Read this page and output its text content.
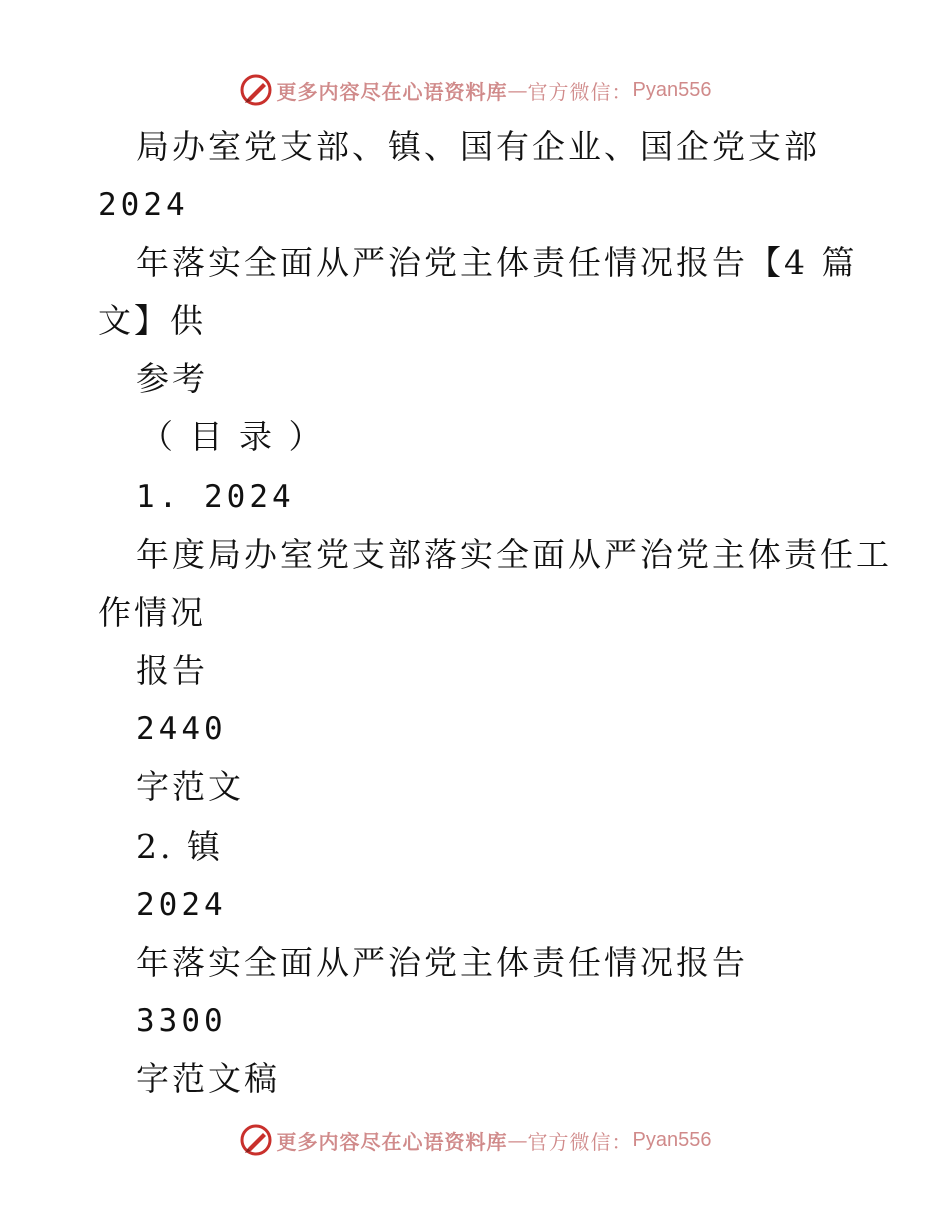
更多内容尽在心语资料库 — 官方微信： Pyan556
局办室党支部、镇、国有企业、国企党支部
2024
年落实全面从严治党主体责任情况报告【4 篇
文】供
参考
（ 目 录 ）
1. 2024
年度局办室党支部落实全面从严治党主体责任工
作情况
报告
2440
字范文
2. 镇
2024
年落实全面从严治党主体责任情况报告
3300
字范文稿
更多内容尽在心语资料库 — 官方微信： Pyan556
